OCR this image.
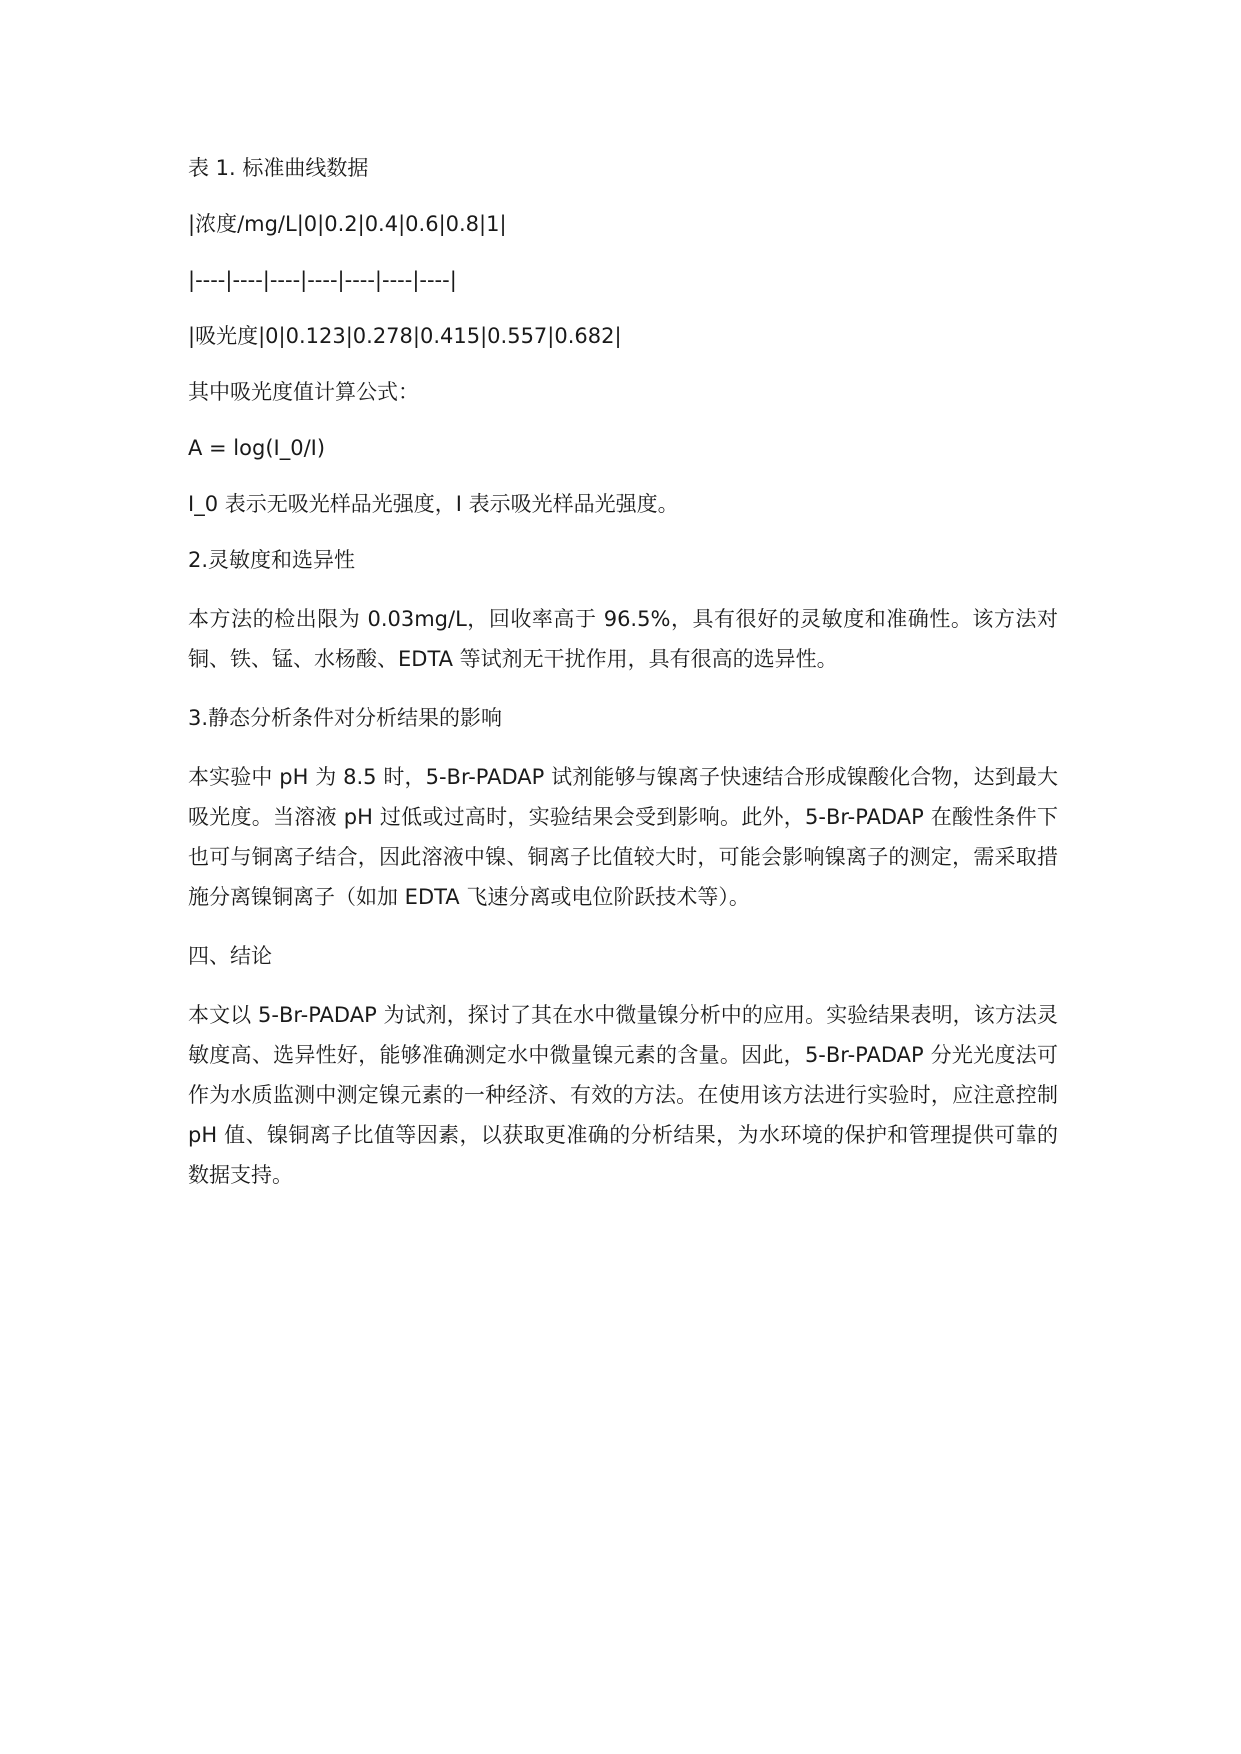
表 1. 标准曲线数据

|浓度/mg/L|0|0.2|0.4|0.6|0.8|1|

|----|----|----|----|----|----|----|

|吸光度|0|0.123|0.278|0.415|0.557|0.682|

其中吸光度值计算公式：

A = log(I_0/I)

I_0 表示无吸光样品光强度，I 表示吸光样品光强度。

2.灵敏度和选异性

本方法的检出限为 0.03mg/L，回收率高于 96.5%，具有很好的灵敏度和准确性。该方法对铜、铁、锰、水杨酸、EDTA 等试剂无干扰作用，具有很高的选异性。

3.静态分析条件对分析结果的影响

本实验中 pH 为 8.5 时，5-Br-PADAP 试剂能够与镍离子快速结合形成镍酸化合物，达到最大吸光度。当溶液 pH 过低或过高时，实验结果会受到影响。此外，5-Br-PADAP 在酸性条件下也可与铜离子结合，因此溶液中镍、铜离子比值较大时，可能会影响镍离子的测定，需采取措施分离镍铜离子（如加 EDTA 飞速分离或电位阶跃技术等）。

四、结论

本文以 5-Br-PADAP 为试剂，探讨了其在水中微量镍分析中的应用。实验结果表明，该方法灵敏度高、选异性好，能够准确测定水中微量镍元素的含量。因此，5-Br-PADAP 分光光度法可作为水质监测中测定镍元素的一种经济、有效的方法。在使用该方法进行实验时，应注意控制 pH 值、镍铜离子比值等因素，以获取更准确的分析结果，为水环境的保护和管理提供可靠的数据支持。
